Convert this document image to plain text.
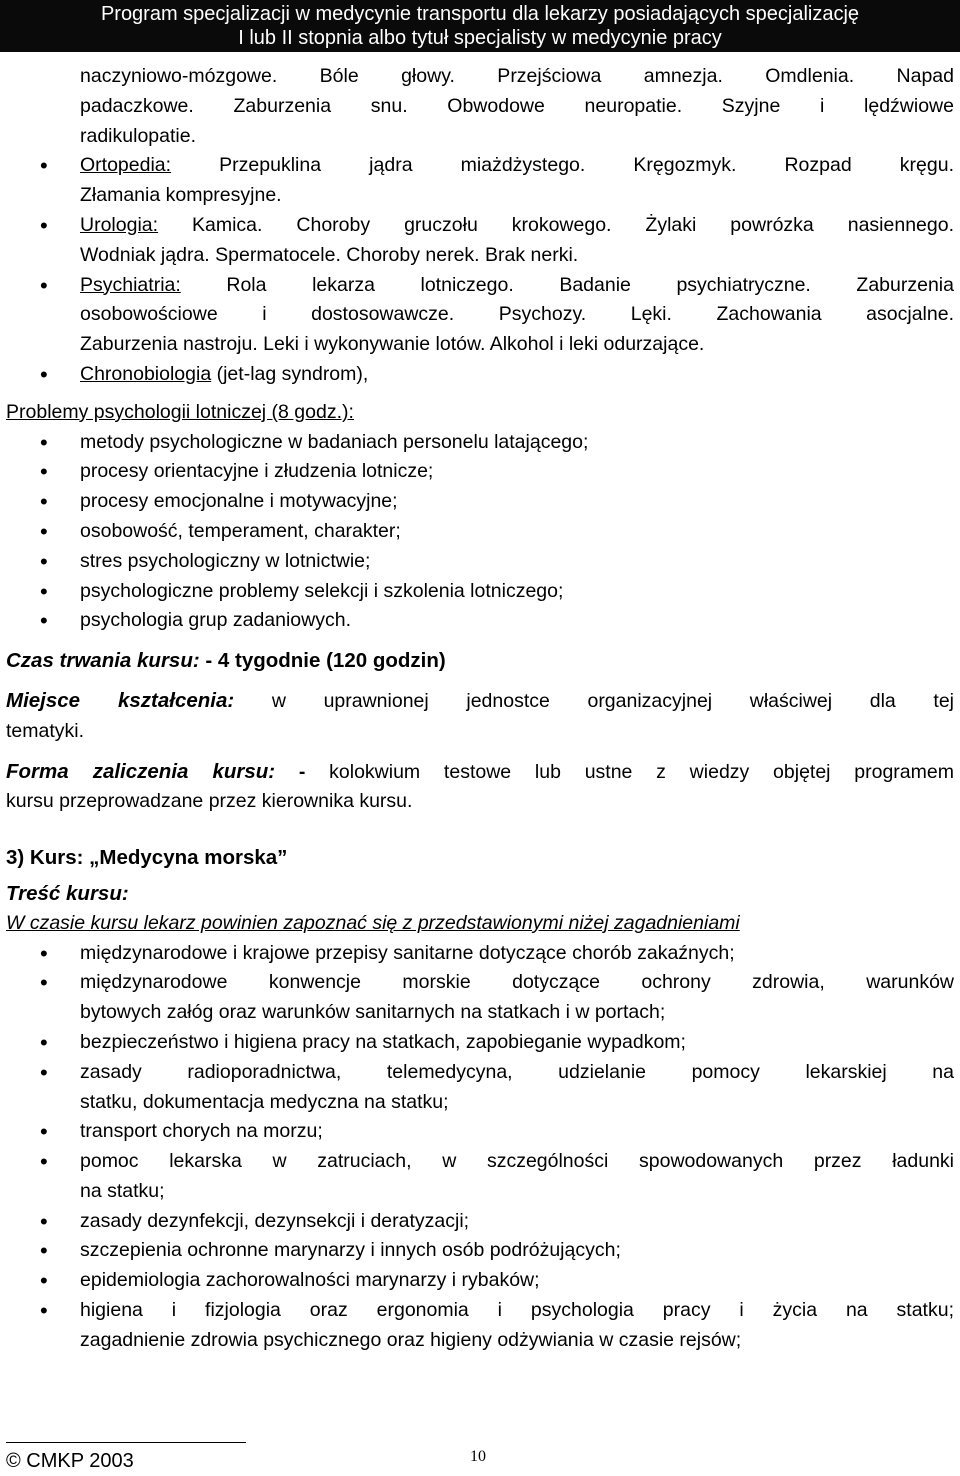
Program specjalizacji w medycynie transportu dla lekarzy posiadających specjalizację
I lub II stopnia albo tytuł specjalisty w medycynie pracy
naczyniowo-mózgowe. Bóle głowy. Przejściowa amnezja. Omdlenia. Napad
padaczkowe. Zaburzenia snu. Obwodowe neuropatie. Szyjne i lędźwiowe
radikulopatie.
• Ortopedia: Przepuklina jądra miażdżystego. Kręgozmyk. Rozpad kręgu.
Złamania kompresyjne.
• Urologia: Kamica. Choroby gruczołu krokowego. Żylaki powrózka nasiennego.
Wodniak jądra. Spermatocele. Choroby nerek. Brak nerki.
• Psychiatria: Rola lekarza lotniczego. Badanie psychiatryczne. Zaburzenia
osobowościowe i dostosowawcze. Psychozy. Lęki. Zachowania asocjalne.
Zaburzenia nastroju. Leki i wykonywanie lotów. Alkohol i leki odurzające.
• Chronobiologia (jet-lag syndrom),
Problemy psychologii lotniczej (8 godz.):
• metody psychologiczne w badaniach personelu latającego;
• procesy orientacyjne i złudzenia lotnicze;
• procesy emocjonalne i motywacyjne;
• osobowość, temperament, charakter;
• stres psychologiczny w lotnictwie;
• psychologiczne problemy selekcji i szkolenia lotniczego;
• psychologia grup zadaniowych.
Czas trwania kursu: - 4 tygodnie (120 godzin)
Miejsce kształcenia: w uprawnionej jednostce organizacyjnej właściwej dla tej
tematyki.
Forma zaliczenia kursu: - kolokwium testowe lub ustne z wiedzy objętej programem
kursu przeprowadzane przez kierownika kursu.
3) Kurs: „Medycyna morska”
Treść kursu:
W czasie kursu lekarz powinien zapoznać się z przedstawionymi niżej zagadnieniami
• międzynarodowe i krajowe przepisy sanitarne dotyczące chorób zakaźnych;
• międzynarodowe konwencje morskie dotyczące ochrony zdrowia, warunków
bytowych załóg oraz warunków sanitarnych na statkach i w portach;
• bezpieczeństwo i higiena pracy na statkach, zapobieganie wypadkom;
• zasady radioporadnictwa, telemedycyna, udzielanie pomocy lekarskiej na
statku, dokumentacja medyczna na statku;
• transport chorych na morzu;
• pomoc lekarska w zatruciach, w szczególności spowodowanych przez ładunki
na statku;
• zasady dezynfekcji, dezynsekcji i deratyzacji;
• szczepienia ochronne marynarzy i innych osób podróżujących;
• epidemiologia zachorowalności marynarzy i rybaków;
• higiena i fizjologia oraz ergonomia i psychologia pracy i życia na statku;
zagadnienie zdrowia psychicznego oraz higieny odżywiania w czasie rejsów;
© CMKP 2003	10
